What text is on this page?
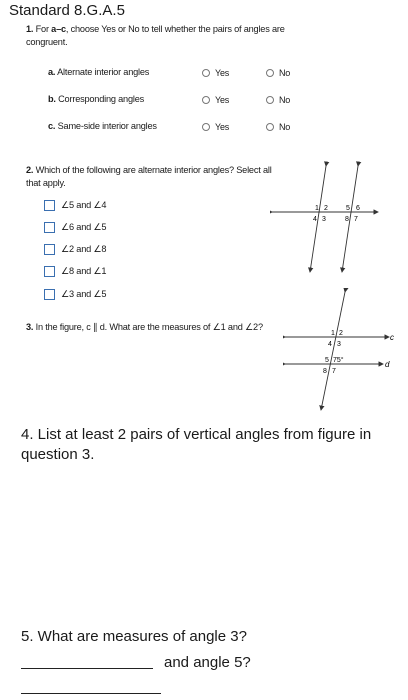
Standard 8.G.A.5
1. For a–c, choose Yes or No to tell whether the pairs of angles are congruent.
a. Alternate interior angles	Yes	No
b. Corresponding angles	Yes	No
c. Same-side interior angles	Yes	No
2. Which of the following are alternate interior angles? Select all that apply.
∠5 and ∠4
∠6 and ∠5
∠2 and ∠8
∠8 and ∠1
∠3 and ∠5
1 2	5 6
4 3	8 7
3. In the figure, c ∥ d. What are the measures of ∠1 and ∠2?
1 2
4 3
5 75°
8 7
c
d
4. List at least 2 pairs of vertical angles from figure in question 3.
5. What are measures of angle 3?
and angle 5?
